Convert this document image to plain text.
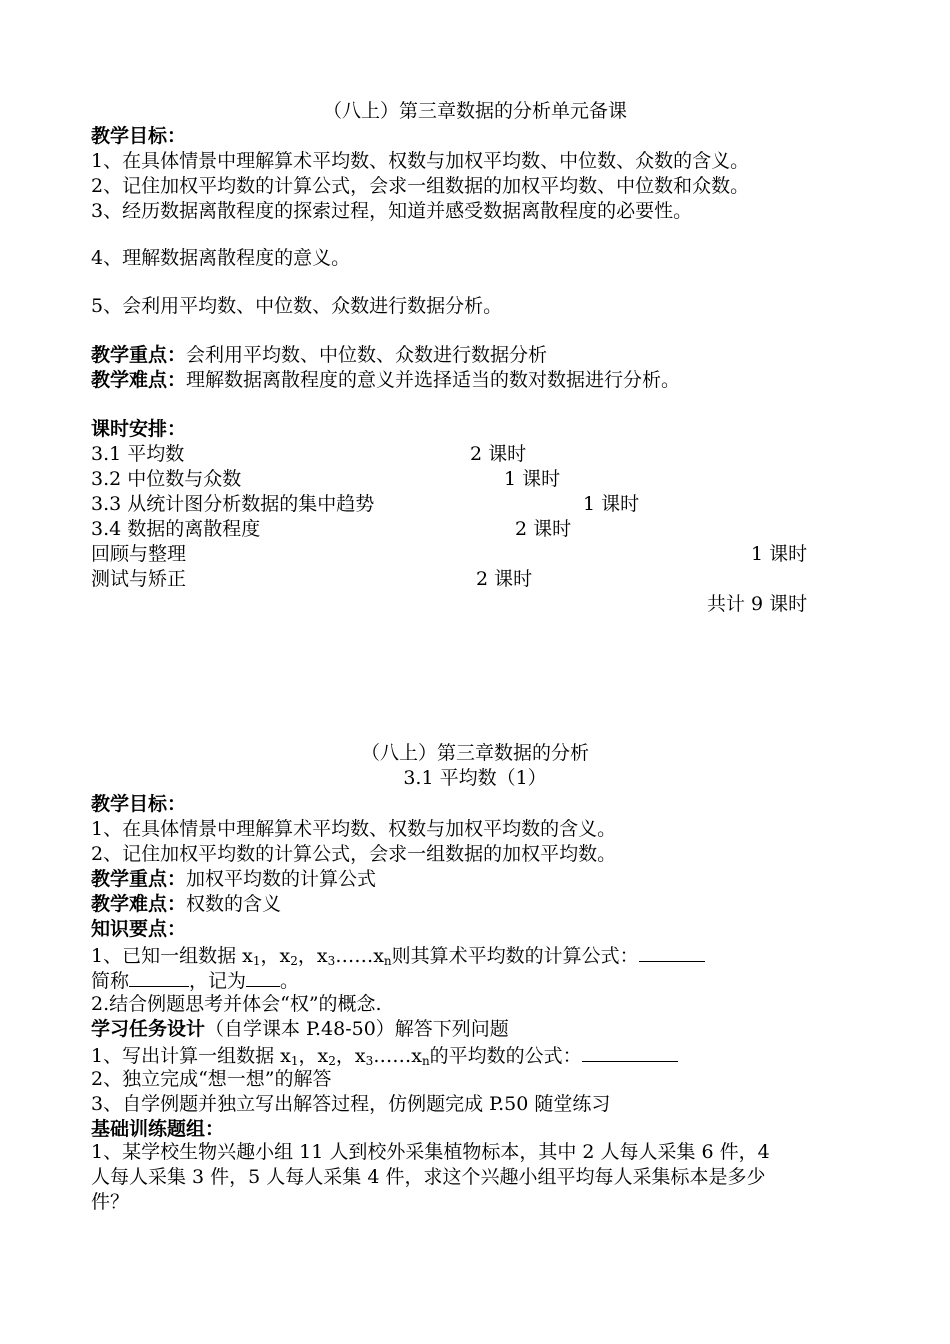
（八上）第三章数据的分析单元备课
教学目标：
1、在具体情景中理解算术平均数、权数与加权平均数、中位数、众数的含义。
2、记住加权平均数的计算公式，会求一组数据的加权平均数、中位数和众数。
3、经历数据离散程度的探索过程，知道并感受数据离散程度的必要性。
4、理解数据离散程度的意义。
5、会利用平均数、中位数、众数进行数据分析。
教学重点：会利用平均数、中位数、众数进行数据分析
教学难点：理解数据离散程度的意义并选择适当的数对数据进行分析。
课时安排：
3.1 平均数	2 课时
3.2 中位数与众数	1 课时
3.3 从统计图分析数据的集中趋势	1 课时
3.4 数据的离散程度	2 课时
回顾与整理	1 课时
测试与矫正	2 课时
共计 9 课时
（八上）第三章数据的分析
3.1 平均数（1）
教学目标：
1、在具体情景中理解算术平均数、权数与加权平均数的含义。
2、记住加权平均数的计算公式，会求一组数据的加权平均数。
教学重点：加权平均数的计算公式
教学难点：权数的含义
知识要点：
1、已知一组数据 $x_1$，$x_2$，$x_3\dots\dots x_n$则其算术平均数的计算公式：
简称	，记为 。
2.结合例题思考并体会“权”的概念.
学习任务设计（自学课本 P.48-50）解答下列问题
1、写出计算一组数据 $x_1$，$x_2$，$x_3\dots\dots x_n$的平均数的公式：
2、独立完成“想一想”的解答
3、自学例题并独立写出解答过程，仿例题完成 P.50 随堂练习
基础训练题组：
1、某学校生物兴趣小组 11 人到校外采集植物标本，其中 2 人每人采集 6 件，4
人每人采集 3 件，5 人每人采集 4 件，求这个兴趣小组平均每人采集标本是多少
件？
